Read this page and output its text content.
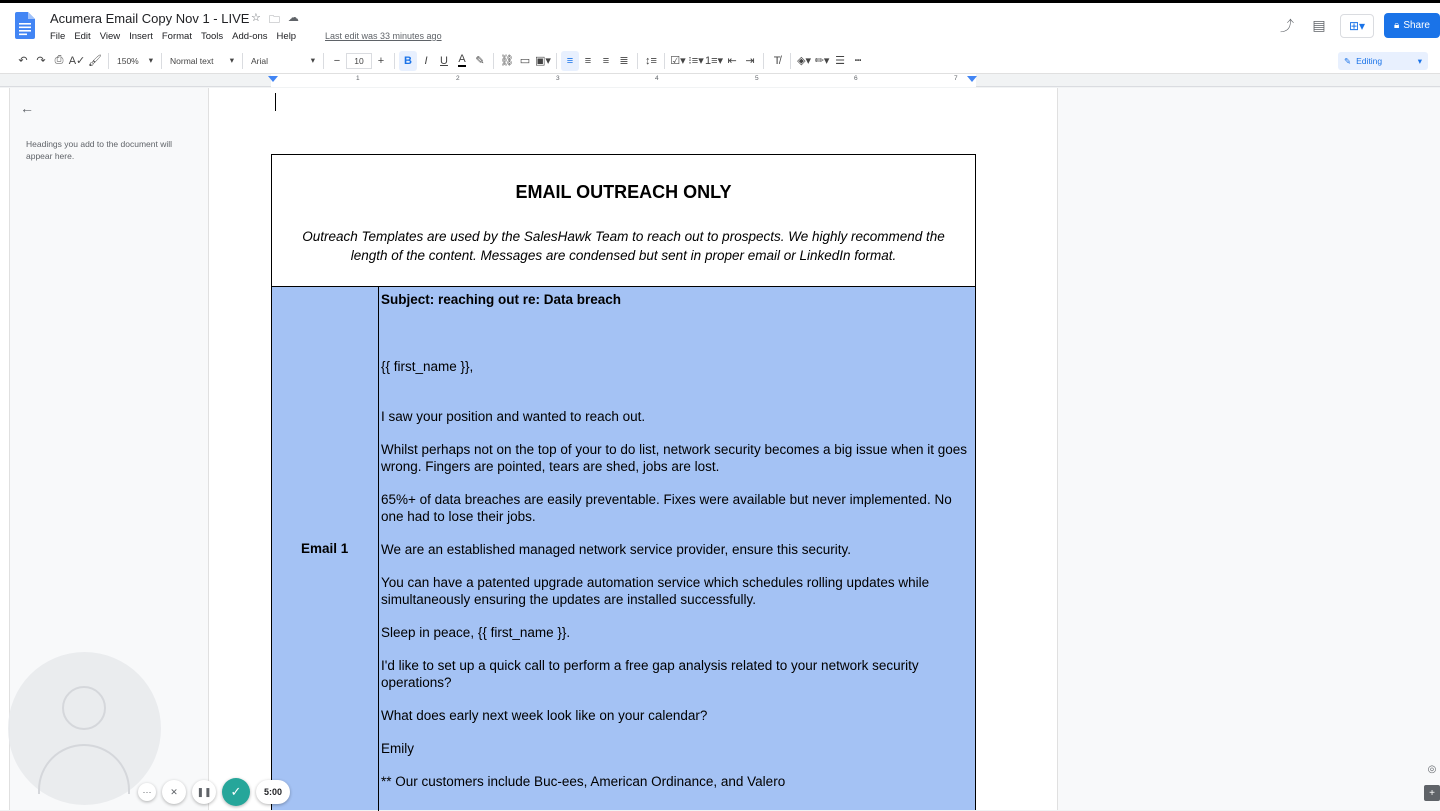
Acumera Email Copy Nov 1 - LIVE ☆ 🗀 ☁
File Edit View Insert Format Tools Add-ons Help	Last edit was 33 minutes ago
⤴	▤	⊞▾	🔒︎ Share
↶ ↷ ⎙ A✓ 🖌︎ 150% ▾ Normal text ▾ Arial	▾	−	10	+	B I U A ✎	⛓ ▭ ▣▾	≡	≡	≡ ≣	↕≡ ☑▾ ⁝≡▾ 1≡▾ ⇤ ⇥	T̸	◈▾ ✏▾ ☰ ┅	✎ Editing	▾
1	2	3	4	5	6	7
←
Headings you add to the document will appear here.
EMAIL OUTREACH ONLY
Outreach Templates are used by the SalesHawk Team to reach out to prospects. We highly recommend the length of the content. Messages are condensed but sent in proper email or LinkedIn format.
Email 1

Subject: reaching out re: Data breach

{{ first_name }},

I saw your position and wanted to reach out.

Whilst perhaps not on the top of your to do list, network security becomes a big issue when it goes wrong. Fingers are pointed, tears are shed, jobs are lost.

65%+ of data breaches are easily preventable. Fixes were available but never implemented. No one had to lose their jobs.

We are an established managed network service provider, ensure this security.

You can have a patented upgrade automation service which schedules rolling updates while simultaneously ensuring the updates are installed successfully.

Sleep in peace, {{ first_name }}.

I'd like to set up a quick call to perform a free gap analysis related to your network security operations?

What does early next week look like on your calendar?

Emily

** Our customers include Buc-ees, American Ordinance, and Valero

···	✕	❚❚	✓	5:00
◎
+
